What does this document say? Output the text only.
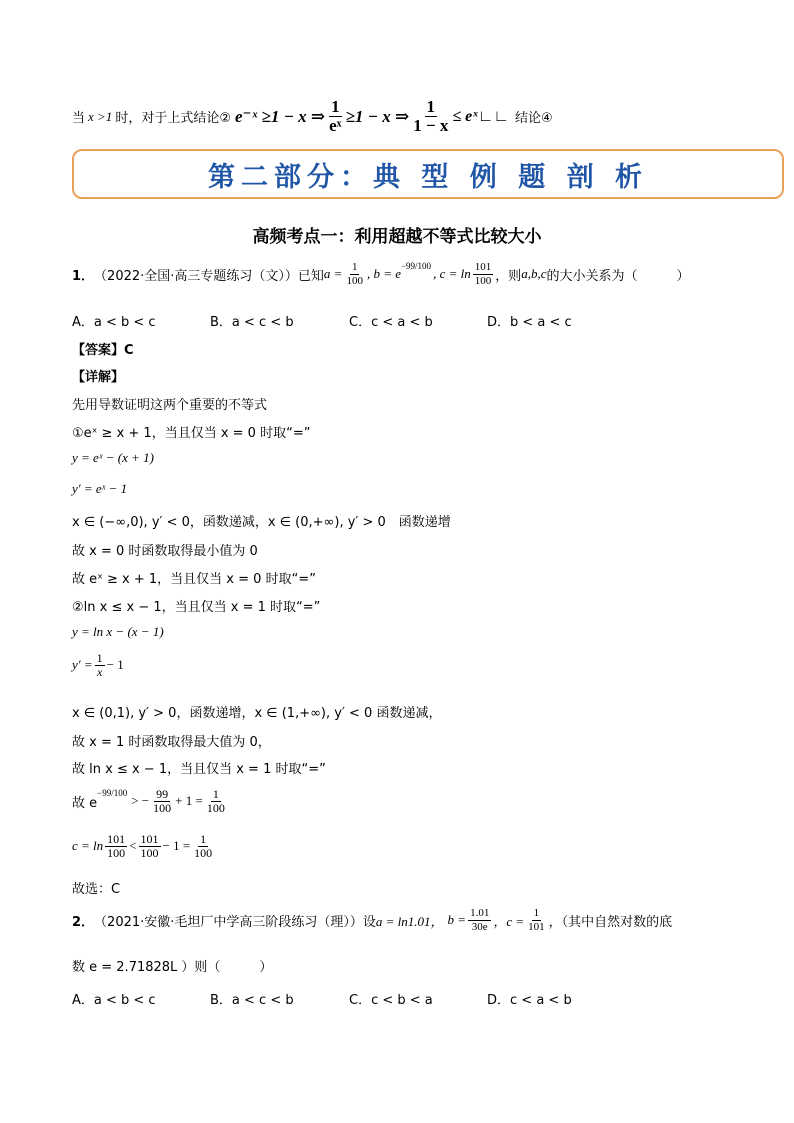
当 x >1 时，对于上式结论② e⁻ˣ ≥1 − x ⇒ $\frac{1}{\text{eˣ}} \ge 1 - x$ ⇒ $\frac{1}{1 - x}$ ≤ eˣ∟∟ 结论④
第二部分：典 型 例 题 剖 析
高频考点一：利用超越不等式比较大小
1． （2022·全国·高三专题练习（文））已知 $a = \frac{1}{100}$ , $b = e^{-99/100}$ , $c = \ln \frac{101}{100}$ ，则 a,b,c 的大小关系为（　　　）
A．a < b < c	B．a < c < b	C．c < a < b	D．b < a < c
【答案】C
【详解】
先用导数证明这两个重要的不等式
①eˣ ≥ x + 1，当且仅当 x = 0 时取“=”
y = eˣ − (x + 1)
y′ = eˣ − 1
x ∈ (−∞,0), y′ < 0，函数递减，x ∈ (0,+∞), y′ > 0　函数递增
故 x = 0 时函数取得最小值为 0
故 eˣ ≥ x + 1，当且仅当 x = 0 时取“=”
②ln x ≤ x − 1，当且仅当 x = 1 时取“=”
y = ln x − (x − 1)
$y' = \frac{1}{x} - 1$
x ∈ (0,1), y′ > 0，函数递增，x ∈ (1,+∞), y′ < 0 函数递减，
故 x = 1 时函数取得最大值为 0，
故 ln x ≤ x − 1，当且仅当 x = 1 时取“=”
故 e
$^{-99/100}$ > − $\frac{99}{100} + 1 = \frac{1}{100}$
$c = \ln \frac{101}{100} < \frac{101}{100} - 1 = \frac{1}{100}$
故选：C
2． （2021·安徽·毛坦厂中学高三阶段练习（理））设 a = ln1.01， $b = \frac{1.01}{30e}$ ，$c = \frac{1}{101}$ ，（其中自然对数的底
数 e = 2.71828L ）则（　　　）
A．a < b < c	B．a < c < b	C．c < b < a	D．c < a < b
